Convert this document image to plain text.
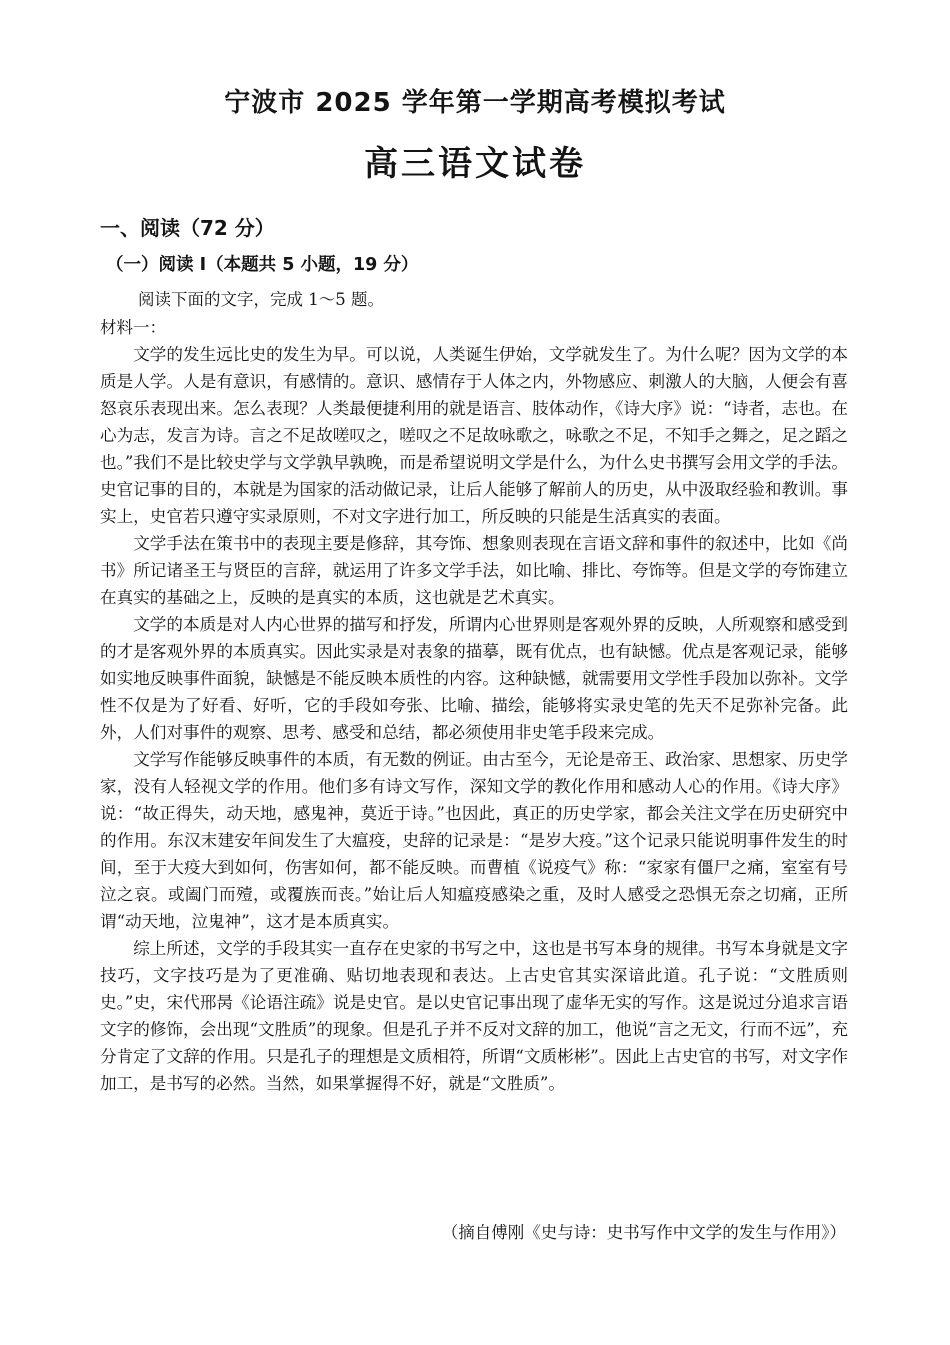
宁波市 2025 学年第一学期高考模拟考试
高三语文试卷
一、阅读（72 分）
（一）阅读 I（本题共 5 小题，19 分）
阅读下面的文字，完成 1～5 题。
材料一：

文学的发生远比史的发生为早。可以说，人类诞生伊始，文学就发生了。为什么呢？因为文学的本质是人学。人是有意识，有感情的。意识、感情存于人体之内，外物感应、刺激人的大脑，人便会有喜怒哀乐表现出来。怎么表现？人类最便捷利用的就是语言、肢体动作，《诗大序》说：“诗者，志也。在心为志，发言为诗。言之不足故嗟叹之，嗟叹之不足故咏歌之，咏歌之不足，不知手之舞之，足之蹈之也。”我们不是比较史学与文学孰早孰晚，而是希望说明文学是什么，为什么史书撰写会用文学的手法。史官记事的目的，本就是为国家的活动做记录，让后人能够了解前人的历史，从中汲取经验和教训。事实上，史官若只遵守实录原则，不对文字进行加工，所反映的只能是生活真实的表面。

文学手法在策书中的表现主要是修辞，其夸饰、想象则表现在言语文辞和事件的叙述中，比如《尚书》所记诸圣王与贤臣的言辞，就运用了许多文学手法，如比喻、排比、夸饰等。但是文学的夸饰建立在真实的基础之上，反映的是真实的本质，这也就是艺术真实。

文学的本质是对人内心世界的描写和抒发，所谓内心世界则是客观外界的反映，人所观察和感受到的才是客观外界的本质真实。因此实录是对表象的描摹，既有优点，也有缺憾。优点是客观记录，能够如实地反映事件面貌，缺憾是不能反映本质性的内容。这种缺憾，就需要用文学性手段加以弥补。文学性不仅是为了好看、好听，它的手段如夸张、比喻、描绘，能够将实录史笔的先天不足弥补完备。此外，人们对事件的观察、思考、感受和总结，都必须使用非史笔手段来完成。

文学写作能够反映事件的本质，有无数的例证。由古至今，无论是帝王、政治家、思想家、历史学家，没有人轻视文学的作用。他们多有诗文写作，深知文学的教化作用和感动人心的作用。《诗大序》说：“故正得失，动天地，感鬼神，莫近于诗。”也因此，真正的历史学家，都会关注文学在历史研究中的作用。东汉末建安年间发生了大瘟疫，史辞的记录是：“是岁大疫。”这个记录只能说明事件发生的时间，至于大疫大到如何，伤害如何，都不能反映。而曹植《说疫气》称：“家家有僵尸之痛，室室有号泣之哀。或阖门而殪，或覆族而丧。”始让后人知瘟疫感染之重，及时人感受之恐惧无奈之切痛，正所谓“动天地，泣鬼神”，这才是本质真实。

综上所述，文学的手段其实一直存在史家的书写之中，这也是书写本身的规律。书写本身就是文字技巧，文字技巧是为了更准确、贴切地表现和表达。上古史官其实深谙此道。孔子说：“文胜质则史。”史，宋代邢昺《论语注疏》说是史官。是以史官记事出现了虚华无实的写作。这是说过分追求言语文字的修饰，会出现“文胜质”的现象。但是孔子并不反对文辞的加工，他说“言之无文，行而不远”，充分肯定了文辞的作用。只是孔子的理想是文质相符，所谓“文质彬彬”。因此上古史官的书写，对文字作加工，是书写的必然。当然，如果掌握得不好，就是“文胜质”。

（摘自傅刚《史与诗：史书写作中文学的发生与作用》）
